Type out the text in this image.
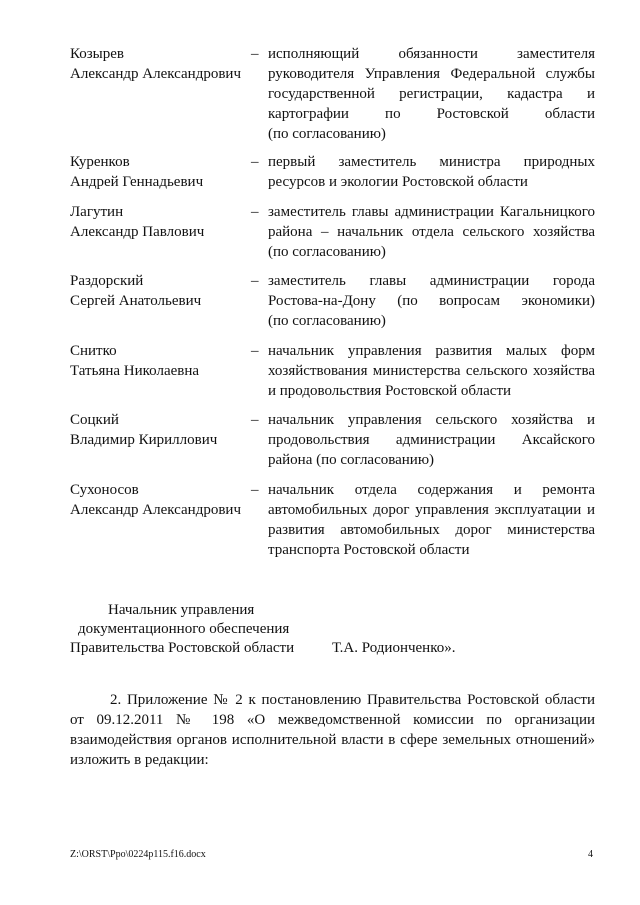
Козырев
Александр Александрович
– исполняющий обязанности заместителя
руководителя Управления Федеральной службы
государственной регистрации, кадастра и
картографии по Ростовской области
(по согласованию)
Куренков
Андрей Геннадьевич
– первый заместитель министра природных
ресурсов и экологии Ростовской области
Лагутин
Александр Павлович
– заместитель главы администрации Кагальницкого
района – начальник отдела сельского хозяйства
(по согласованию)
Раздорский
Сергей Анатольевич
– заместитель главы администрации города
Ростова-на-Дону (по вопросам экономики)
(по согласованию)
Снитко
Татьяна Николаевна
– начальник управления развития малых форм
хозяйствования министерства сельского хозяйства
и продовольствия Ростовской области
Соцкий
Владимир Кириллович
– начальник управления сельского хозяйства и
продовольствия администрации Аксайского
района (по согласованию)
Сухоносов
Александр Александрович
– начальник отдела содержания и ремонта
автомобильных дорог управления эксплуатации и
развития автомобильных дорог министерства
транспорта Ростовской области
Начальник управления
документационного обеспечения
Правительства Ростовской области	Т.А. Родионченко».
2. Приложение № 2 к постановлению Правительства Ростовской области
от 09.12.2011 № 198 «О межведомственной комиссии по организации
взаимодействия органов исполнительной власти в сфере земельных отношений»
изложить в редакции:
Z:\ORST\Ppo\0224p115.f16.docx	4
